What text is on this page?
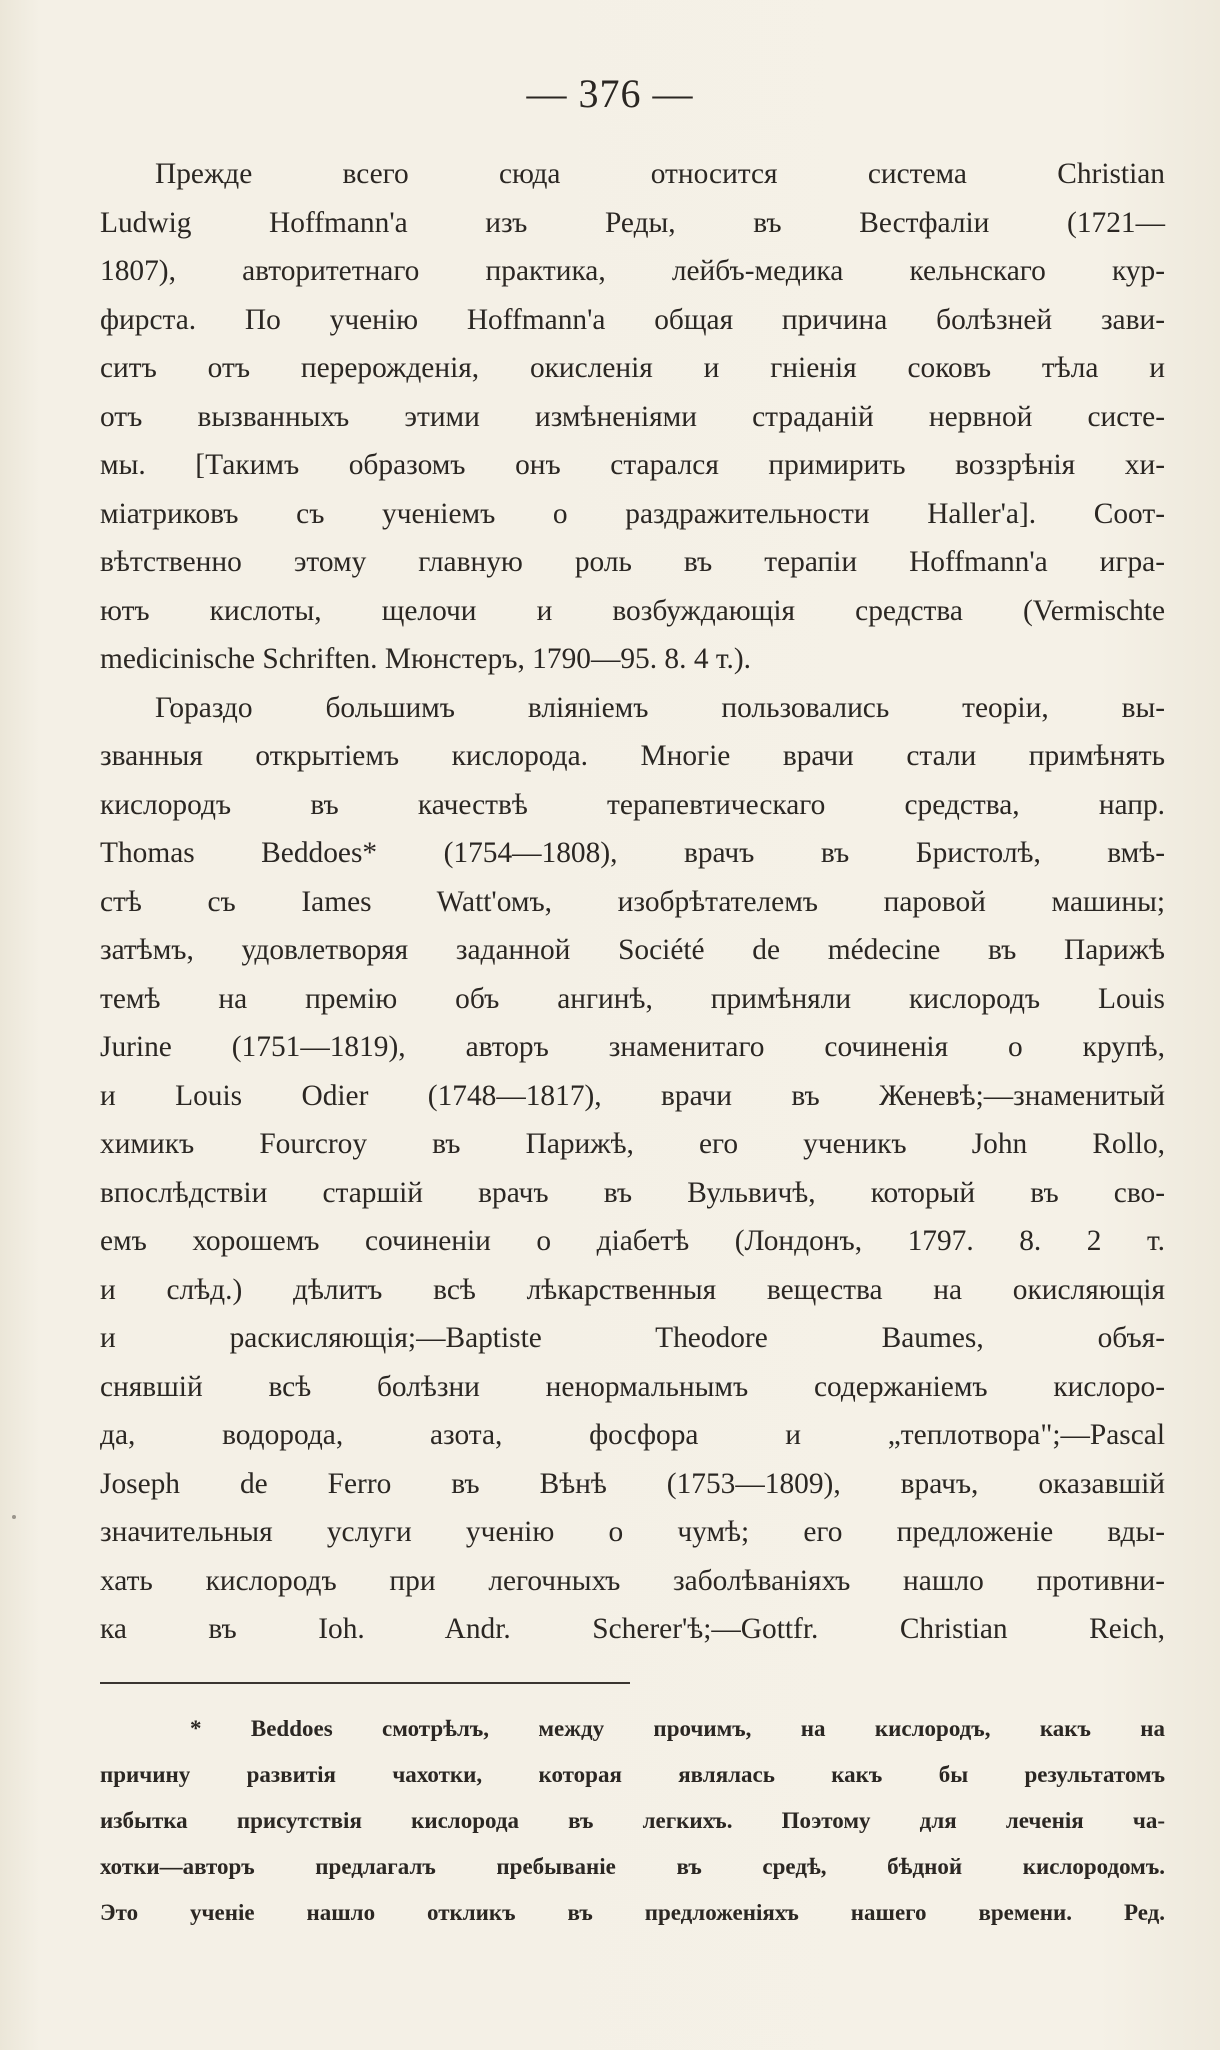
— 376 —
Прежде всего сюда относится система Christian
Ludwig Hoffmann'a изъ Реды, въ Вестфаліи (1721—
1807), авторитетнаго практика, лейбъ-медика кельнскаго кур-
фирста. По ученію Hoffmann'a общая причина болѣзней зави-
ситъ отъ перерожденія, окисленія и гніенія соковъ тѣла и
отъ вызванныхъ этими измѣненіями страданій нервной систе-
мы. [Такимъ образомъ онъ старался примирить воззрѣнія хи-
міатриковъ съ ученіемъ о раздражительности Haller'a]. Соот-
вѣтственно этому главную роль въ терапіи Hoffmann'a игра-
ютъ кислоты, щелочи и возбуждающія средства (Vermischte
medicinische Schriften. Мюнстеръ, 1790—95. 8. 4 т.).
Гораздо большимъ вліяніемъ пользовались теоріи, вы-
званныя открытіемъ кислорода. Многіе врачи стали примѣнять
кислородъ въ качествѣ терапевтическаго средства, напр.
Thomas Beddoes* (1754—1808), врачъ въ Бристолѣ, вмѣ-
стѣ съ Iames Watt'омъ, изобрѣтателемъ паровой машины;
затѣмъ, удовлетворяя заданной Société de médecine въ Парижѣ
темѣ на премію объ ангинѣ, примѣняли кислородъ Louis
Jurine (1751—1819), авторъ знаменитаго сочиненія о крупѣ,
и Louis Odier (1748—1817), врачи въ Женевѣ;—знаменитый
химикъ Fourcroy въ Парижѣ, его ученикъ John Rollo,
впослѣдствіи старшій врачъ въ Вульвичѣ, который въ сво-
емъ хорошемъ сочиненіи о діабетѣ (Лондонъ, 1797. 8. 2 т.
и слѣд.) дѣлитъ всѣ лѣкарственныя вещества на окисляющія
и раскисляющія;—Baptiste Theodore Baumes, объя-
снявшій всѣ болѣзни ненормальнымъ содержаніемъ кислоро-
да, водорода, азота, фосфора и „теплотвора";—Pascal
Joseph de Ferro въ Вѣнѣ (1753—1809), врачъ, оказавшій
значительныя услуги ученію о чумѣ; его предложеніе вды-
хать кислородъ при легочныхъ заболѣваніяхъ нашло противни-
ка въ Ioh. Andr. Scherer'ѣ;—Gottfr. Christian Reich,
* Beddoes смотрѣлъ, между прочимъ, на кислородъ, какъ на
причину развитія чахотки, которая являлась какъ бы результатомъ
избытка присутствія кислорода въ легкихъ. Поэтому для леченія ча-
хотки—авторъ предлагалъ пребываніе въ средѣ, бѣдной кислородомъ.
Это ученіе нашло откликъ въ предложеніяхъ нашего времени. Ред.
